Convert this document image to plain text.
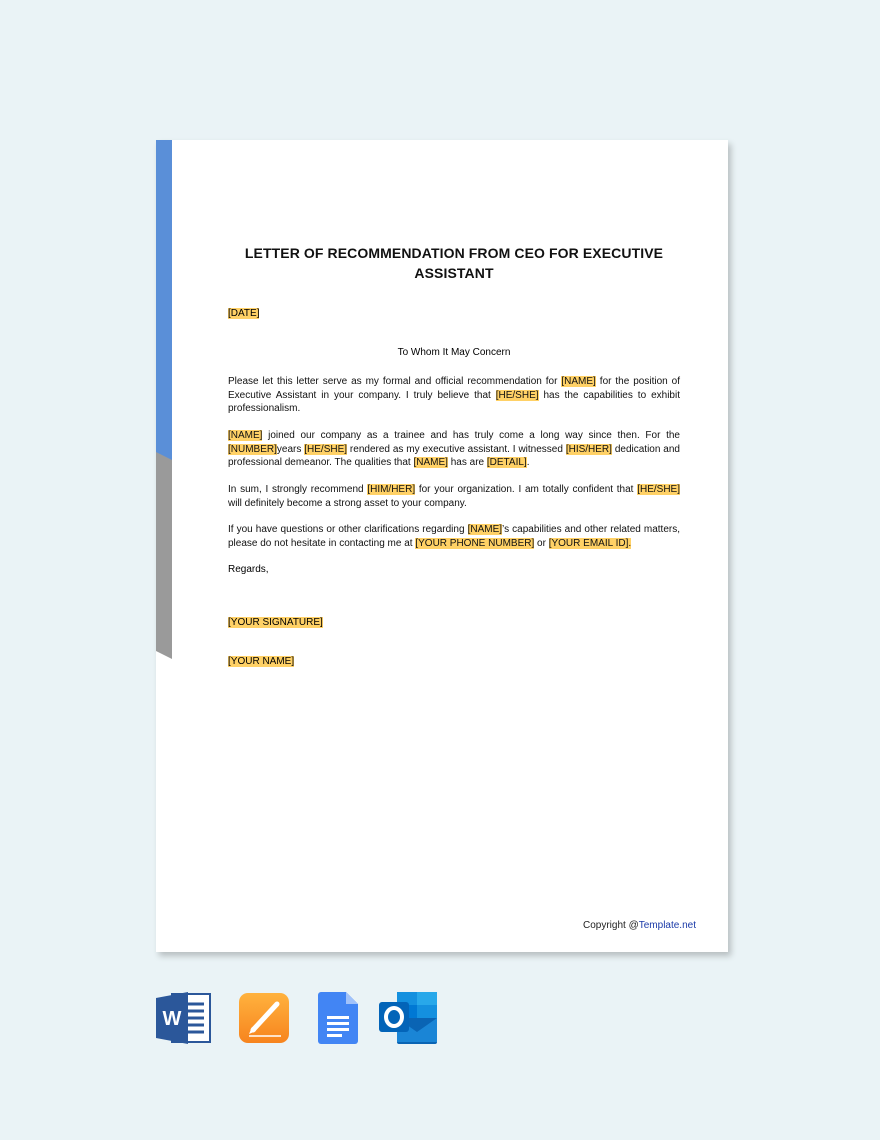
LETTER OF RECOMMENDATION FROM CEO FOR EXECUTIVE ASSISTANT
[DATE]
To Whom It May Concern
Please let this letter serve as my formal and official recommendation for [NAME] for the position of Executive Assistant in your company. I truly believe that [HE/SHE] has the capabilities to exhibit professionalism.
[NAME] joined our company as a trainee and has truly come a long way since then. For the [NUMBER]years [HE/SHE] rendered as my executive assistant. I witnessed [HIS/HER] dedication and professional demeanor. The qualities that [NAME] has are [DETAIL].
In sum, I strongly recommend [HIM/HER] for your organization. I am totally confident that [HE/SHE] will definitely become a strong asset to your company.
If you have questions or other clarifications regarding [NAME]’s capabilities and other related matters, please do not hesitate in contacting me at [YOUR PHONE NUMBER] or [YOUR EMAIL ID].
Regards,
[YOUR SIGNATURE]
[YOUR NAME]
Copyright @Template.net
W
